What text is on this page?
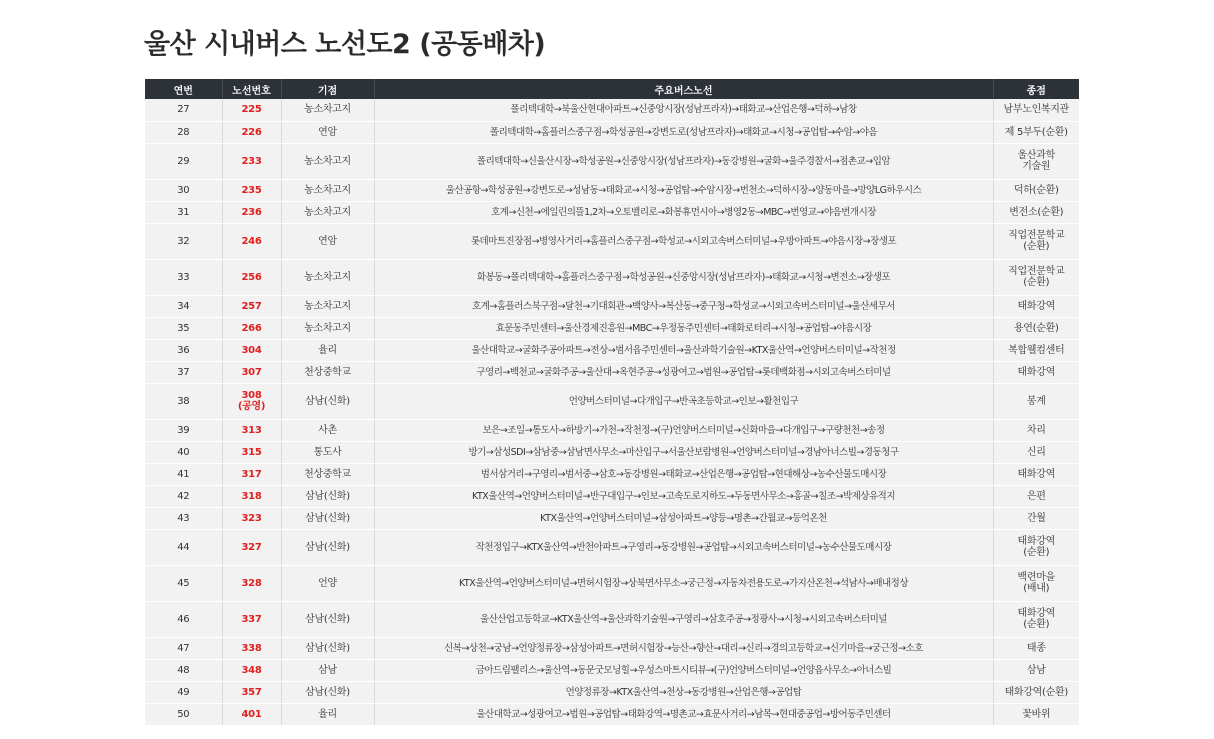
울산 시내버스 노선도2 (공동배차)
연번	노선번호	기점	주요버스노선	종점
27	225	농소차고지	폴리텍대학→북울산현대아파트→신중앙시장(성남프라자)→태화교→산업은행→덕하→남창	남부노인복지관
28	226	연암	폴리텍대학→홈플러스중구점→학성공원→강변도로(성남프라자)→태화교→시청→공업탑→수암→야음	제 5부두(순환)
29	233	농소차고지	폴리텍대학→신울산시장→학성공원→신중앙시장(성남프라자)→동강병원→굴화→울주경찰서→점촌교→입암	울산과학
기술원
30	235	농소차고지	울산공항→학성공원→강변도로→성남동→태화교→시청→공업탑→수암시장→번천소→덕하시장→양동마을→망양LG하우시스	덕하(순환)
31	236	농소차고지	호계→신천→에일린의뜰1,2차→오토밸리로→화봉휴먼시아→병영2동→MBC→번영교→야음번개시장	변전소(순환)
32	246	연암	롯데마트진장점→병영사거리→홈플러스중구점→학성교→시외고속버스터미널→우방아파트→야음시장→장생포	직업전문학교
(순환)
33	256	농소차고지	화봉동→폴리텍대학→홈플러스중구점→학성공원→신중앙시장(성남프라자)→태화교→시청→변전소→장생포	직업전문학교
(순환)
34	257	농소차고지	호계→홈플러스북구점→달천→기대회관→백양사→복산동→중구청→학성교→시외고속버스터미널→울산세무서	태화강역
35	266	농소차고지	효문동주민센터→울산경제진흥원→MBC→우정동주민센터→태화로터리→시청→공업탑→야음시장	용연(순환)
36	304	율리	울산대학교→굴화주공아파트→전상→범서읍주민센터→울산과학기술원→KTX울산역→언양버스터미널→작천정	복합웰컴센터
37	307	천상중학교	구영리→백천교→굴화주공→울산대→옥현주공→성광여고→법원→공업탑→롯데백화점→시외고속버스터미널	태화강역
38	308
(공영)	삼남(신화)	언양버스터미널→다개입구→반곡초등학교→인보→활천입구	봉계
39	313	사촌	보은→조일→통도사→하방기→가천→작천정→(구)언양버스터미널→신화마을→다개입구→구량천천→송정	차리
40	315	통도사	방기→삼성SDI→삼남중→삼남면사무소→마산입구→서울산보람병원→언양버스터미널→경남아너스빌→경동청구	신리
41	317	천상중학교	범서삼거리→구영리→범서중→삼호→동강병원→태화교→산업은행→공업탑→현대해상→농수산물도매시장	태화강역
42	318	삼남(신화)	KTX울산역→언양버스터미널→반구대입구→인보→고속도로지하도→두동면사무소→홍골→칠조→박제상유적지	은편
43	323	삼남(신화)	KTX울산역→언양버스터미널→삼성아파트→양등→명촌→간월교→등억온천	간월
44	327	삼남(신화)	작천정입구→KTX울산역→반천아파트→구영리→동강병원→공업탑→시외고속버스터미널→농수산물도매시장	태화강역
(순환)
45	328	언양	KTX울산역→언양버스터미널→면허시험장→상북면사무소→궁근정→자동차전용도로→가지산온천→석남사→배내정상	백련마을
(배내)
46	337	삼남(신화)	울산산업고등학교→KTX울산역→울산과학기술원→구영리→삼호주공→정광사→시청→시외고속버스터미널	태화강역
(순환)
47	338	삼남(신화)	신복→상천→궁남→언양정류장→삼성아파트→면허시험장→능산→향산→대리→신리→경의고등학교→신기마을→궁근정→소호	태종
48	348	삼남	금아드림팰리스→울산역→동문굿모닝힐→우성스마트시티뷰→(구)언양버스터미널→언양읍사무소→아너스빌	삼남
49	357	삼남(신화)	언양정류장→KTX울산역→천상→동강병원→산업은행→공업탑	태화강역(순환)
50	401	율리	울산대학교→성광여고→법원→공업탑→태화강역→명촌교→효문사거리→남목→현대중공업→방어동주민센터	꽃바위
